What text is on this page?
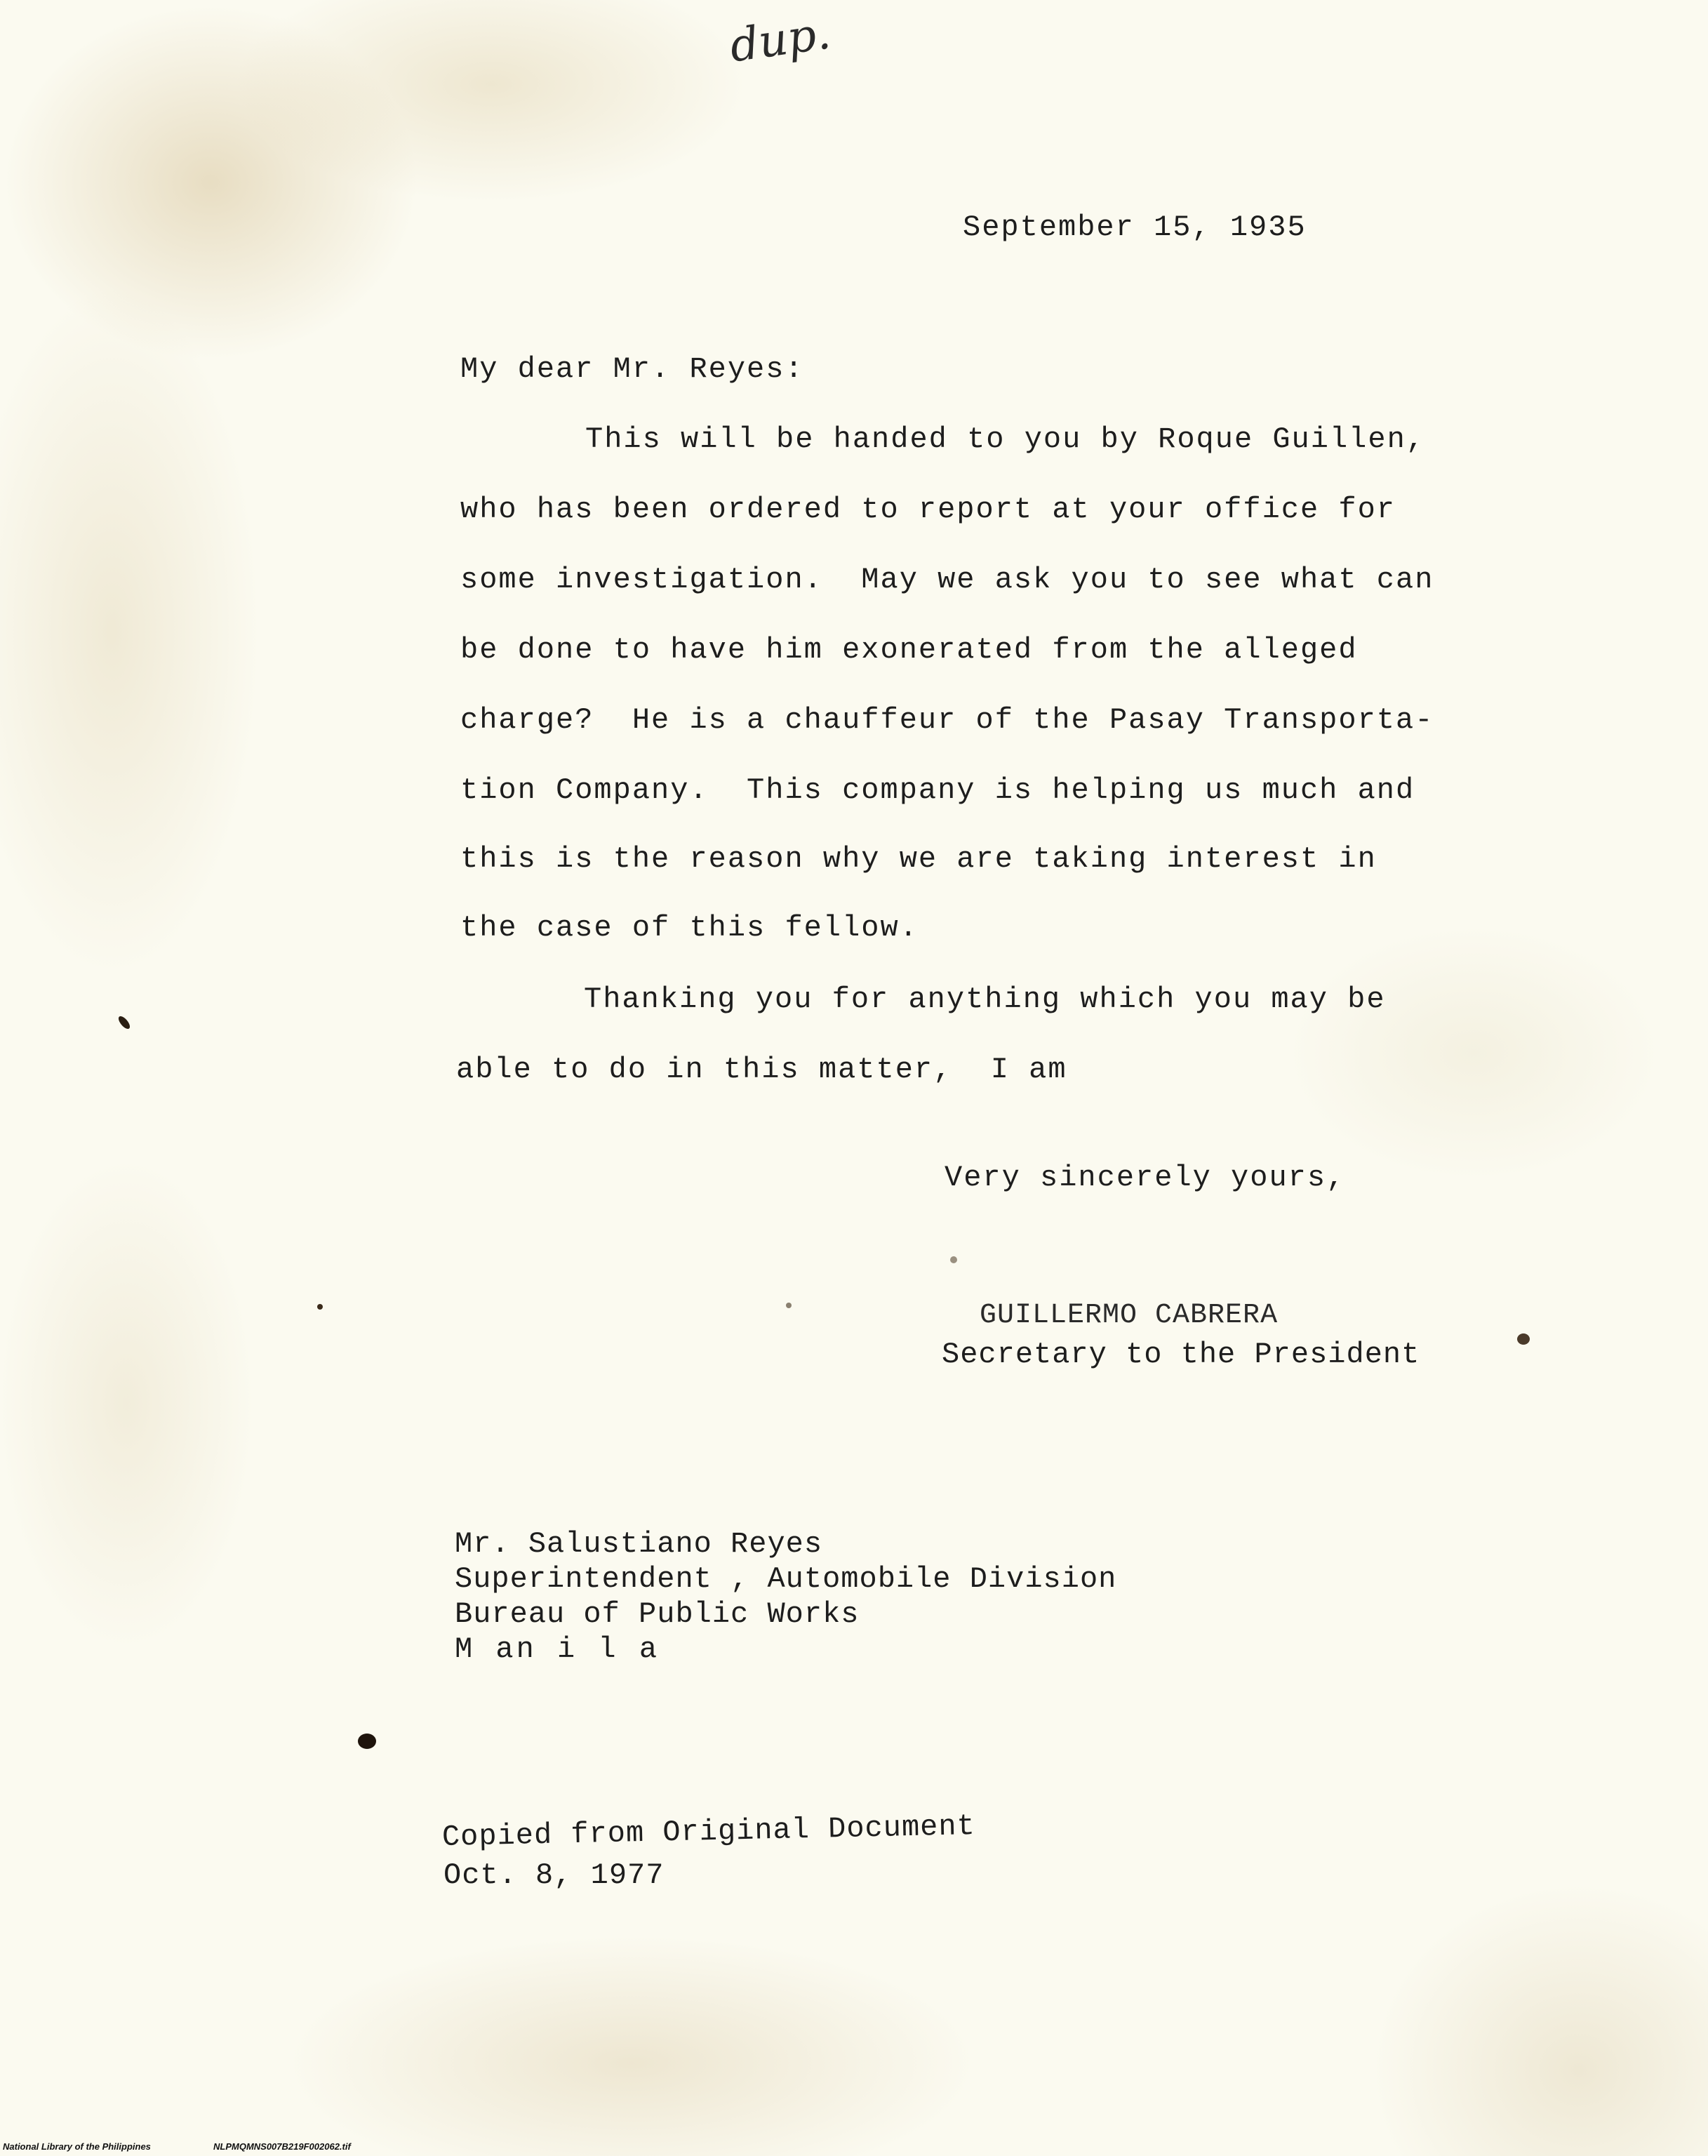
dup.
September 15, 1935
My dear Mr. Reyes:
This will be handed to you by Roque Guillen,
who has been ordered to report at your office for
some investigation.  May we ask you to see what can
be done to have him exonerated from the alleged
charge?  He is a chauffeur of the Pasay Transporta-
tion Company.  This company is helping us much and
this is the reason why we are taking interest in
the case of this fellow.
Thanking you for anything which you may be
able to do in this matter,  I am
Very sincerely yours,
GUILLERMO CABRERA
Secretary to the President
Mr. Salustiano Reyes
Superintendent , Automobile Division
Bureau of Public Works
M an i l a
Copied from Original Document
Oct. 8, 1977
National Library of the Philippines	NLPMQMNS007B219F002062.tif
